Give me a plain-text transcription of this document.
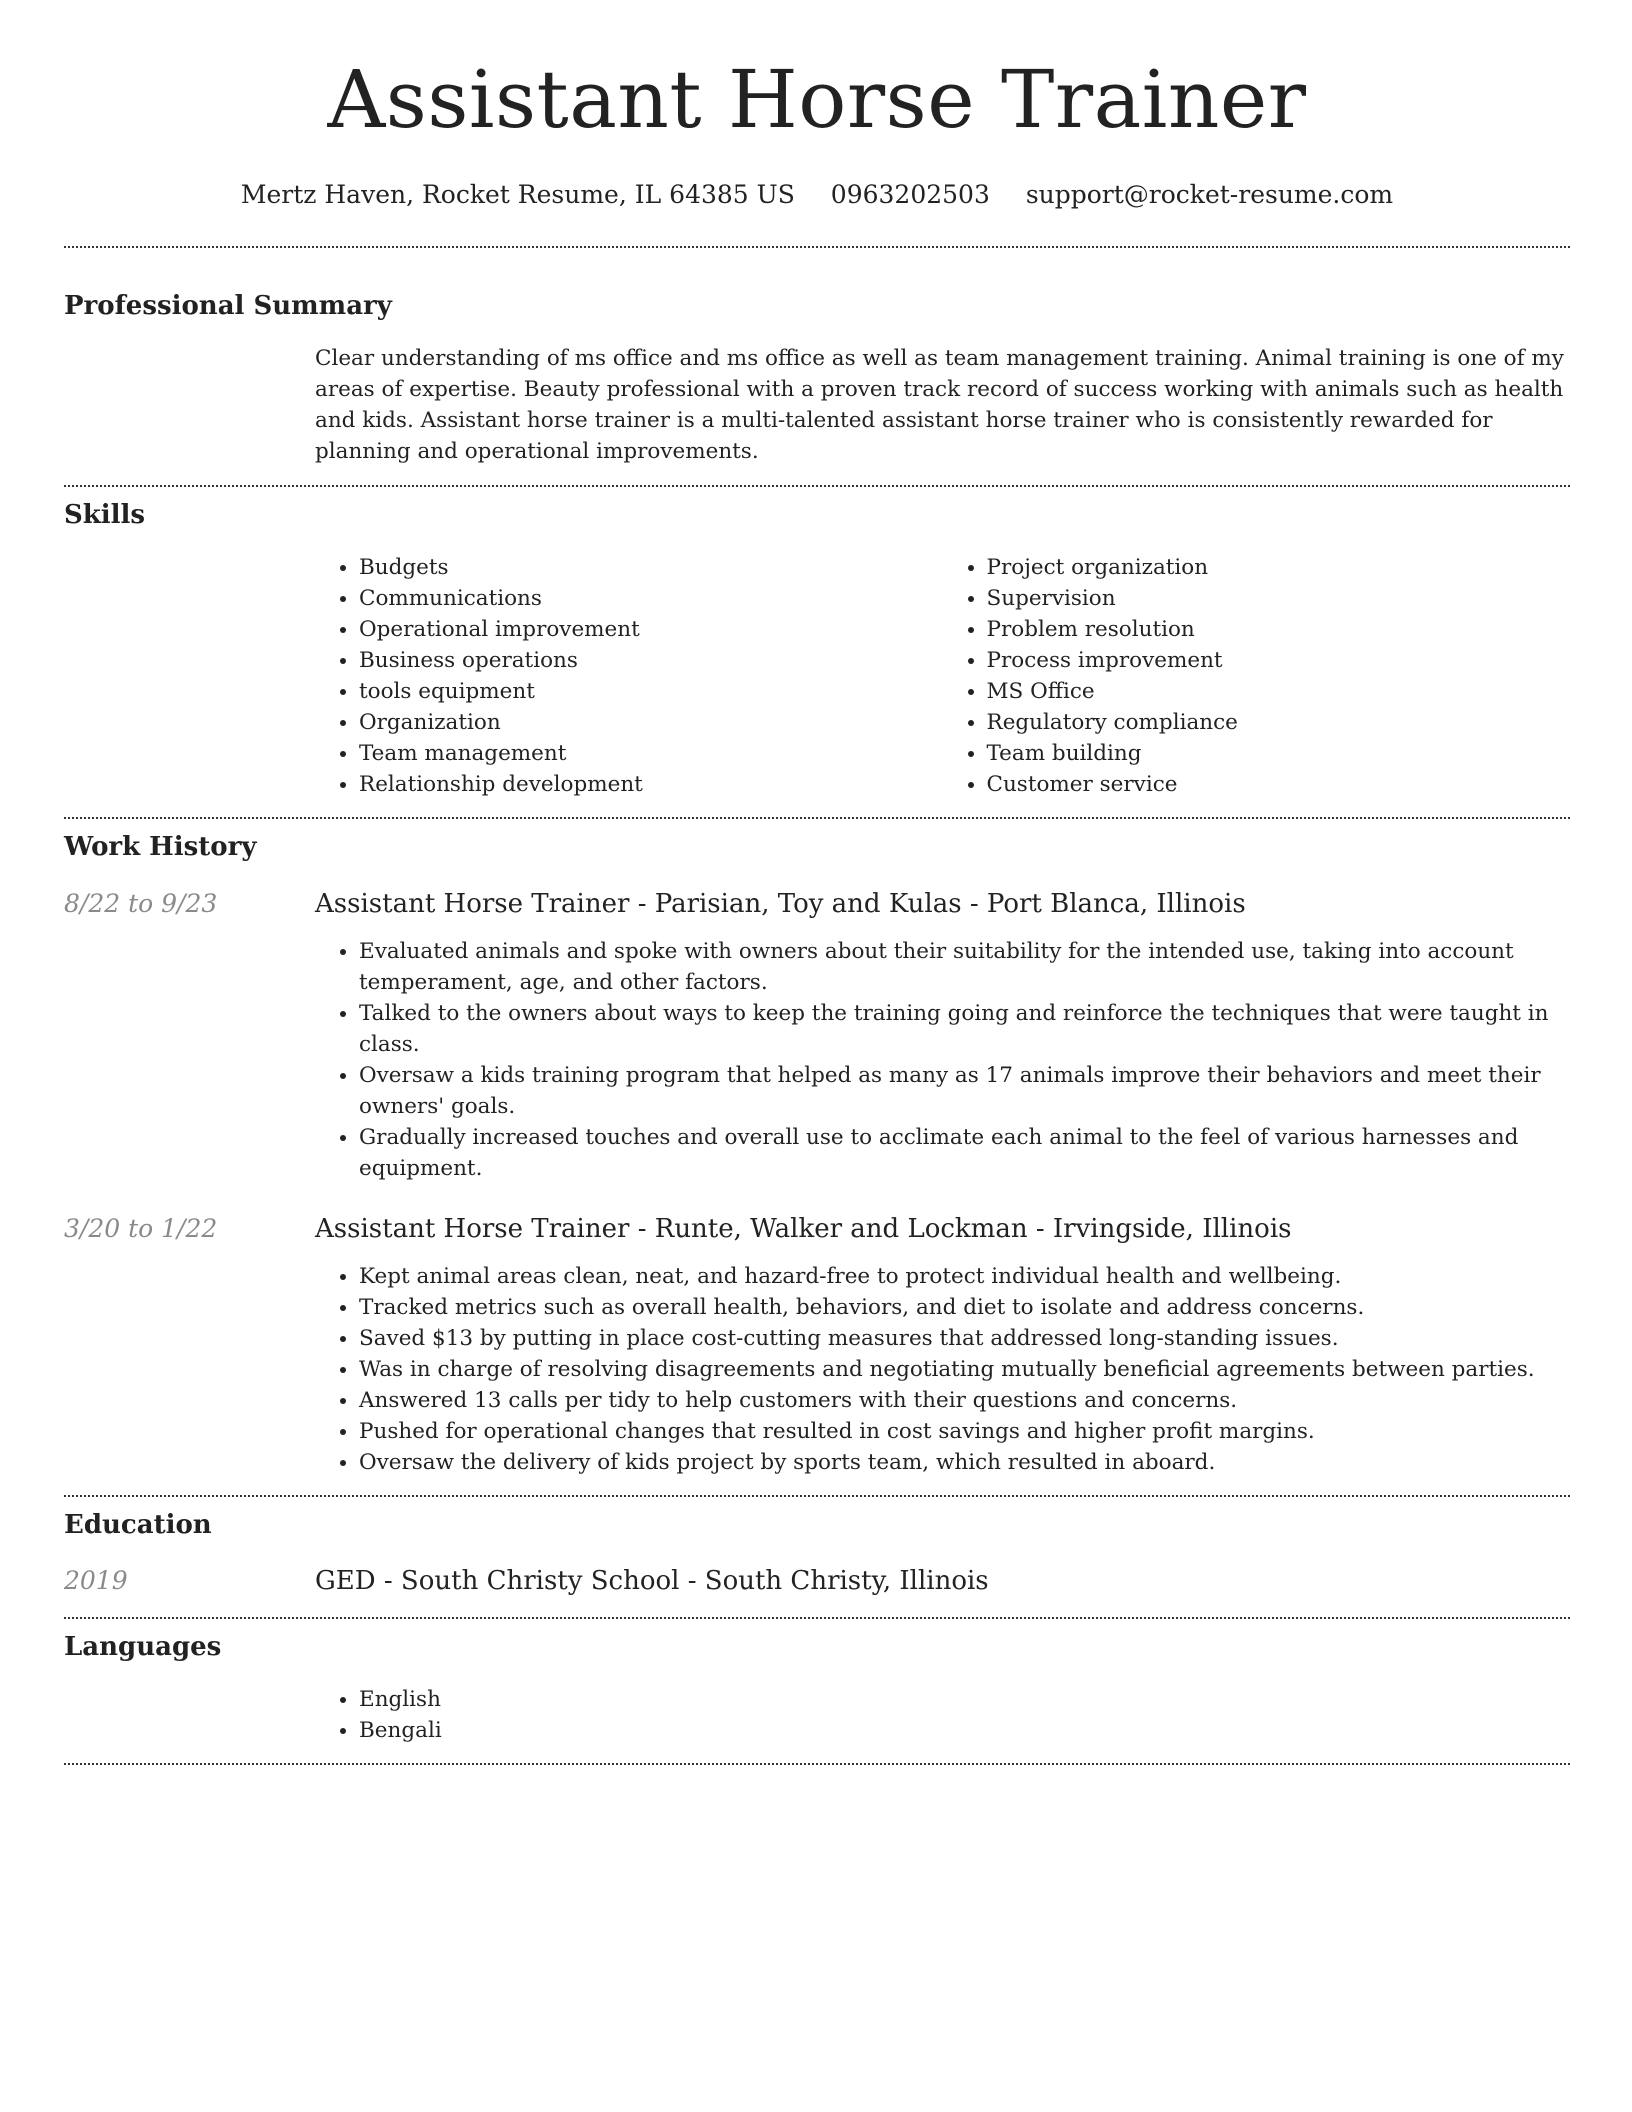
Assistant Horse Trainer
Mertz Haven, Rocket Resume, IL 64385 US 0963202503 support@rocket-resume.com
Professional Summary
Clear understanding of ms office and ms office as well as team management training. Animal training is one of my areas of expertise. Beauty professional with a proven track record of success working with animals such as health and kids. Assistant horse trainer is a multi-talented assistant horse trainer who is consistently rewarded for planning and operational improvements.
Skills
• Budgets
• Communications
• Operational improvement
• Business operations
• tools equipment
• Organization
• Team management
• Relationship development
• Project organization
• Supervision
• Problem resolution
• Process improvement
• MS Office
• Regulatory compliance
• Team building
• Customer service
Work History
8/22 to 9/23	Assistant Horse Trainer - Parisian, Toy and Kulas - Port Blanca, Illinois
• Evaluated animals and spoke with owners about their suitability for the intended use, taking into account temperament, age, and other factors.
• Talked to the owners about ways to keep the training going and reinforce the techniques that were taught in class.
• Oversaw a kids training program that helped as many as 17 animals improve their behaviors and meet their owners' goals.
• Gradually increased touches and overall use to acclimate each animal to the feel of various harnesses and equipment.
3/20 to 1/22	Assistant Horse Trainer - Runte, Walker and Lockman - Irvingside, Illinois
• Kept animal areas clean, neat, and hazard-free to protect individual health and wellbeing.
• Tracked metrics such as overall health, behaviors, and diet to isolate and address concerns.
• Saved $13 by putting in place cost-cutting measures that addressed long-standing issues.
• Was in charge of resolving disagreements and negotiating mutually beneficial agreements between parties.
• Answered 13 calls per tidy to help customers with their questions and concerns.
• Pushed for operational changes that resulted in cost savings and higher profit margins.
• Oversaw the delivery of kids project by sports team, which resulted in aboard.
Education
2019	GED - South Christy School - South Christy, Illinois
Languages
• English
• Bengali
